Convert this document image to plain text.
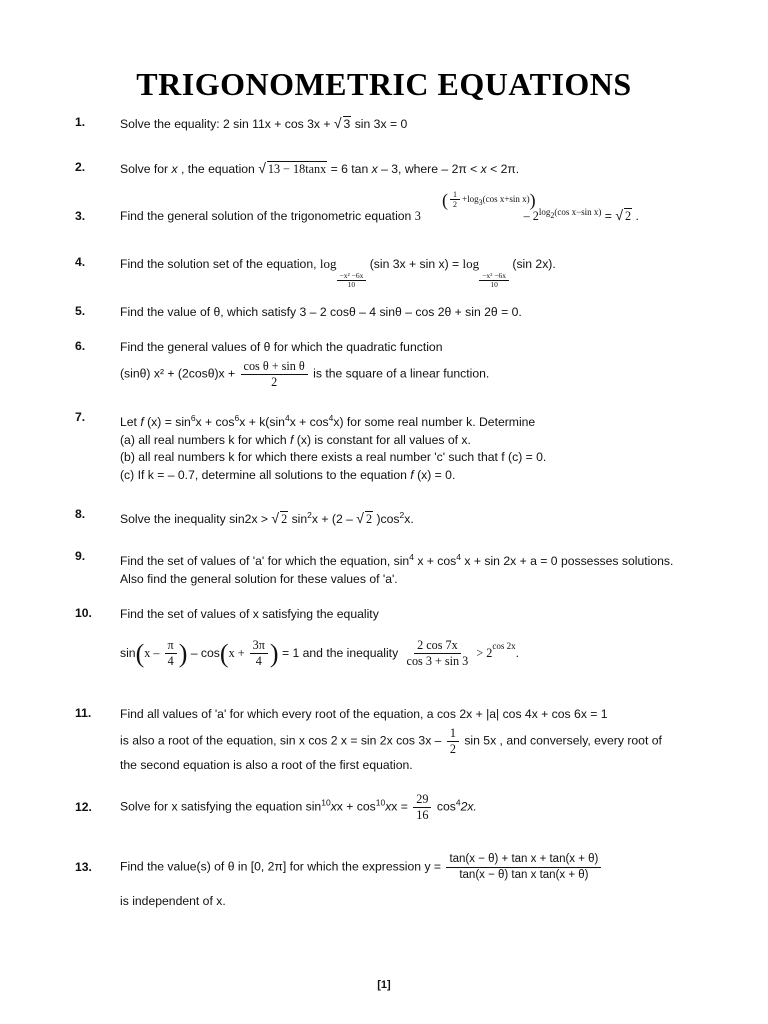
TRIGONOMETRIC EQUATIONS
1.	Solve the equality: 2 sin 11x + cos 3x + √ 3 sin 3x = 0
2.	Solve for x , the equation √ 13 − 18tanx = 6 tan x – 3, where – 2π < x < 2π.
3.
( $\frac{1}{2} +\log 3(\cos$ x+sin x))
Find the general solution of the trigonometric equation 3	– $2^{log2(cos x-sin x)}$ = √ 2 .
4.	Find the solution set of the equation, log
$\frac{\text{−x² −6x}}{10}$
(sin 3x + sin x) = log
$\frac{\text{−x² −6x}}{10}$
(sin 2x).
5.	Find the value of θ, which satisfy 3 – 2 cosθ – 4 sinθ – cos 2θ + sin 2θ = 0.
6.	Find the general values of θ for which the quadratic function
(sinθ) $x^2 + (2\cos\theta)x + \frac{\text{cos θ + sin θ}}{2}$ is the square of a linear function.
7.	Let f $(x) = \sin^6x + \cos^6x + k(\sin^4x + \cos^4x)$ for some real number k. Determine
(a) all real numbers k for which f (x) is constant for all values of x.
(b) all real numbers k for which there exists a real number 'c' such that f (c) = 0.
(c) If k = – 0.7, determine all solutions to the equation f (x) = 0.
8.	Solve the inequality sin2x > √ 2 $\sin^2x + (2$ – √ 2 )$\cos^2x$.
9.	Find the set of values of 'a' for which the equation, $\sin^4 x + \cos^4 x + \sin 2x + a = 0$ possesses solutions.
Also find the general solution for these values of 'a'.
10. Find the set of values of x satisfying the equality
$\sin(x - \frac{\pi}{4}$ ) – $\cos(x + \frac{3\pi}{4}$ ) = 1 and the inequality $\frac{2 \cos 7x}{\cos 3 + \sin 3} > 2^{cos 2x}$.
11. Find all values of 'a' for which every root of the equation, a cos 2x + |a| cos 4x + cos 6x = 1
is also a root of the equation, sin x cos 2 x = sin 2x $\cos 3x - \frac{1}{2}$ sin 5x , and conversely, every root of
the second equation is also a root of the first equation.
12. Solve for x satisfying the equation $\sin^{10}xx + \cos^{10}xx = \frac{29}{16} \cos^42x$.
13. Find the value(s) of θ in [0, 2π] for which the expression $y = \frac{\text{tan(x − θ) + tan x + tan(x + θ)}}{\text{tan(x − θ) tan x tan(x + θ)}}$
is independent of x.
[1]
